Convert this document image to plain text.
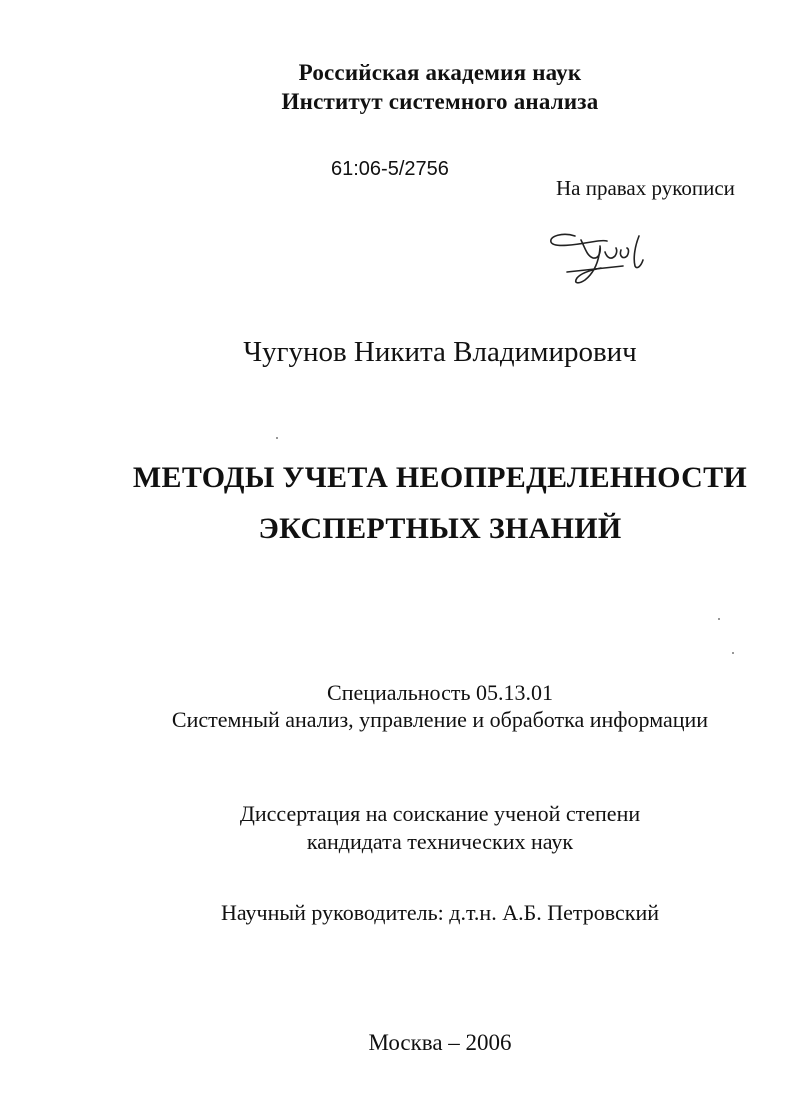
Российская академия наук
Институт системного анализа
61:06-5/2756
На правах рукописи
Чугунов Никита Владимирович
МЕТОДЫ УЧЕТА НЕОПРЕДЕЛЕННОСТИ
ЭКСПЕРТНЫХ ЗНАНИЙ
Специальность 05.13.01
Системный анализ, управление и обработка информации
Диссертация на соискание ученой степени
кандидата технических наук
Научный руководитель: д.т.н. А.Б. Петровский
Москва – 2006
